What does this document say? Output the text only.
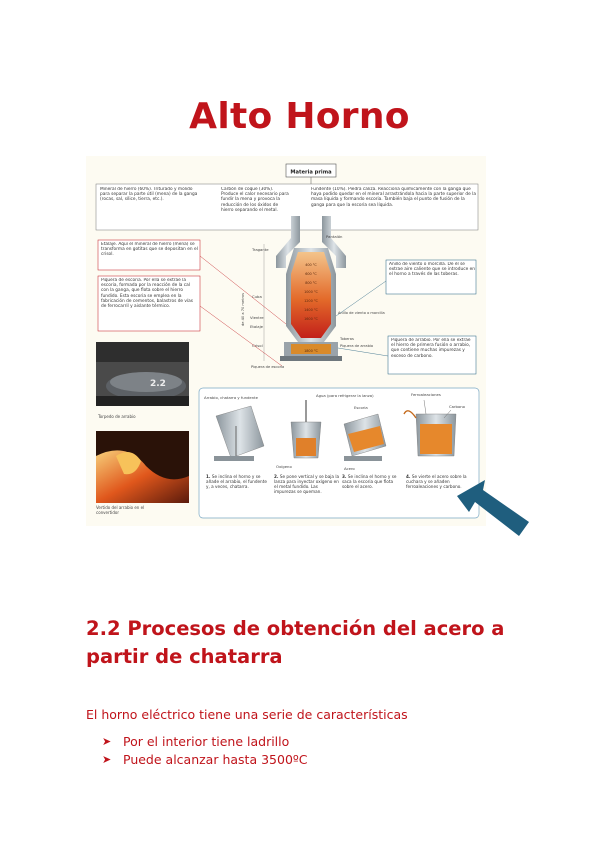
Alto Horno
Materia prima
Mineral de hierro (60%). Triturado y molido para separar la parte útil (mena) de la ganga (rocas, sal, sílice, tierra, etc.).
Carbón de coque (30%). Produce el calor necesario para fundir la mena y provoca la reducción de los óxidos de hierro separando el metal.
Fundente (10%). Piedra caliza. Reacciona químicamente con la ganga que haya podido quedar en el mineral arrastrándola hacia la parte superior de la masa líquida y formando escoria. También baja el punto de fusión de la ganga para que la escoria sea líquida.
Etalaje. Aquí el mineral de hierro (mena) se transforma en gotitas que se depositan en el crisol.
Piquera de escoria. Por ella se extrae la escoria, formada por la reacción de la cal con la ganga, que flota sobre el hierro fundido. Esta escoria se emplea en la fabricación de cementos, balastros de vías de ferrocarril y aislante térmico.
Pantalón
400 °C
600 °C
800 °C
1000 °C
1200 °C
1400 °C
1600 °C
1800 °C
Tragante
Cuba
Vientre
Etalaje
Crisol
de 40 a 70 metros
Piquera de escoria
Anillo de viento o morcilla
Toberas
Piquera de arrabio
Anillo de viento o morcilla. De él se extrae aire caliente que se introduce en el horno a través de las toberas.
Piquera de arrabio. Por ella se extrae el hierro de primera fusión o arrabio, que contiene muchas impurezas y exceso de carbono.
2.2
Torpedo de arrabio
Vertido del arrabio en el convertidor
Arrabio, chatarra y fundente	Agua (para refrigerar la lanza)
Escoria
Ferroaleaciones
Carbono
Oxígeno	Acero
1. Se inclina el horno y se añade el arrabio, el fundente y, a veces, chatarra.
2. Se pone vertical y se baja la lanza para inyectar oxígeno en el metal fundido. Las impurezas se queman.
3. Se inclina el horno y se saca la escoria que flota sobre el acero.
4. Se vierte el acero sobre la cuchara y se añaden ferroaleaciones y carbono.
2.2 Procesos de obtención del acero a partir de chatarra

El horno eléctrico tiene una serie de características

➤ Por el interior tiene ladrillo
➤ Puede alcanzar hasta 3500ºC
